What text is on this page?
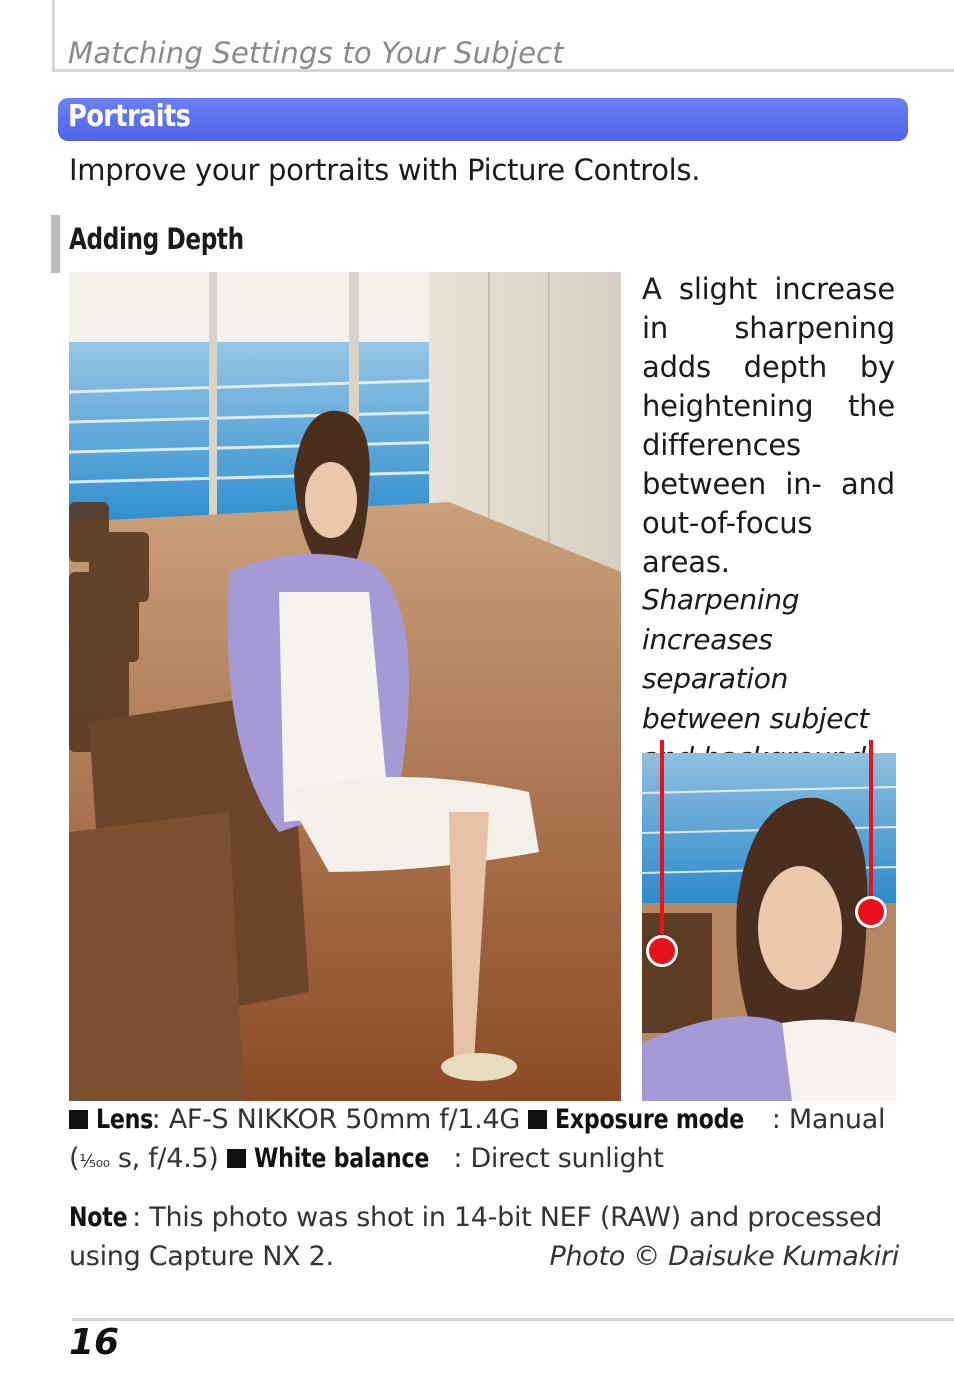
Matching Settings to Your Subject
Portraits
Improve your portraits with Picture Controls.
Adding Depth
A slight increase in sharpening adds depth by heightening the differences between in- and out-of-focus areas.
Sharpening increases separation between subject
Lens: AF-S NIKKOR 50mm f/1.4G Exposure mode : Manual (¹⁄₅₀₀ s, f/4.5) White balance : Direct sunlight
Note : This photo was shot in 14-bit NEF (RAW) and processed using Capture NX 2.	Photo © Daisuke Kumakiri
16
